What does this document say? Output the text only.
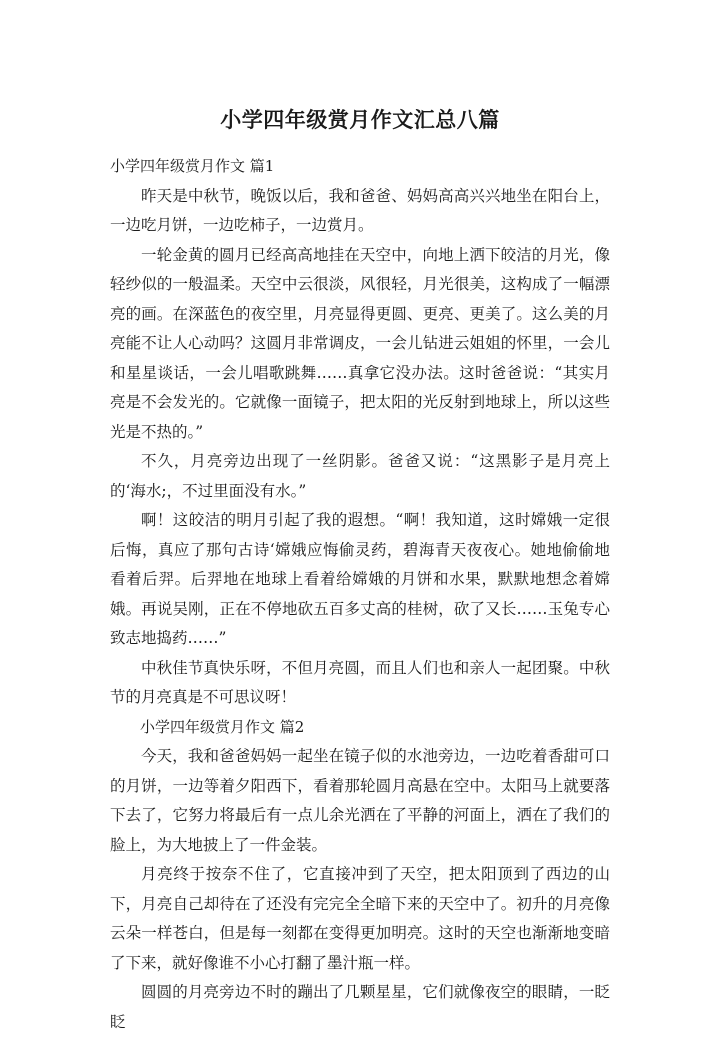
小学四年级赏月作文汇总八篇

小学四年级赏月作文 篇1

昨天是中秋节，晚饭以后，我和爸爸、妈妈高高兴兴地坐在阳台上，一边吃月饼，一边吃柿子，一边赏月。

一轮金黄的圆月已经高高地挂在天空中，向地上洒下皎洁的月光，像轻纱似的一般温柔。天空中云很淡，风很轻，月光很美，这构成了一幅漂亮的画。在深蓝色的夜空里，月亮显得更圆、更亮、更美了。这么美的月亮能不让人心动吗？这圆月非常调皮，一会儿钻进云姐姐的怀里，一会儿和星星谈话，一会儿唱歌跳舞……真拿它没办法。这时爸爸说：“其实月亮是不会发光的。它就像一面镜子，把太阳的光反射到地球上，所以这些光是不热的。”

不久，月亮旁边出现了一丝阴影。爸爸又说：“这黑影子是月亮上的‘海水;，不过里面没有水。”

啊！这皎洁的明月引起了我的遐想。“啊！我知道，这时嫦娥一定很后悔，真应了那句古诗‘嫦娥应悔偷灵药，碧海青天夜夜心。她地偷偷地看着后羿。后羿地在地球上看着给嫦娥的月饼和水果，默默地想念着嫦娥。再说吴刚，正在不停地砍五百多丈高的桂树，砍了又长……玉兔专心致志地捣药……”

中秋佳节真快乐呀，不但月亮圆，而且人们也和亲人一起团聚。中秋节的月亮真是不可思议呀！

小学四年级赏月作文 篇2

今天，我和爸爸妈妈一起坐在镜子似的水池旁边，一边吃着香甜可口的月饼，一边等着夕阳西下，看着那轮圆月高悬在空中。太阳马上就要落下去了，它努力将最后有一点儿余光洒在了平静的河面上，洒在了我们的脸上，为大地披上了一件金装。

月亮终于按奈不住了，它直接冲到了天空，把太阳顶到了西边的山下，月亮自己却待在了还没有完完全全暗下来的天空中了。初升的月亮像云朵一样苍白，但是每一刻都在变得更加明亮。这时的天空也渐渐地变暗了下来，就好像谁不小心打翻了墨汁瓶一样。

圆圆的月亮旁边不时的蹦出了几颗星星，它们就像夜空的眼睛，一眨眨
